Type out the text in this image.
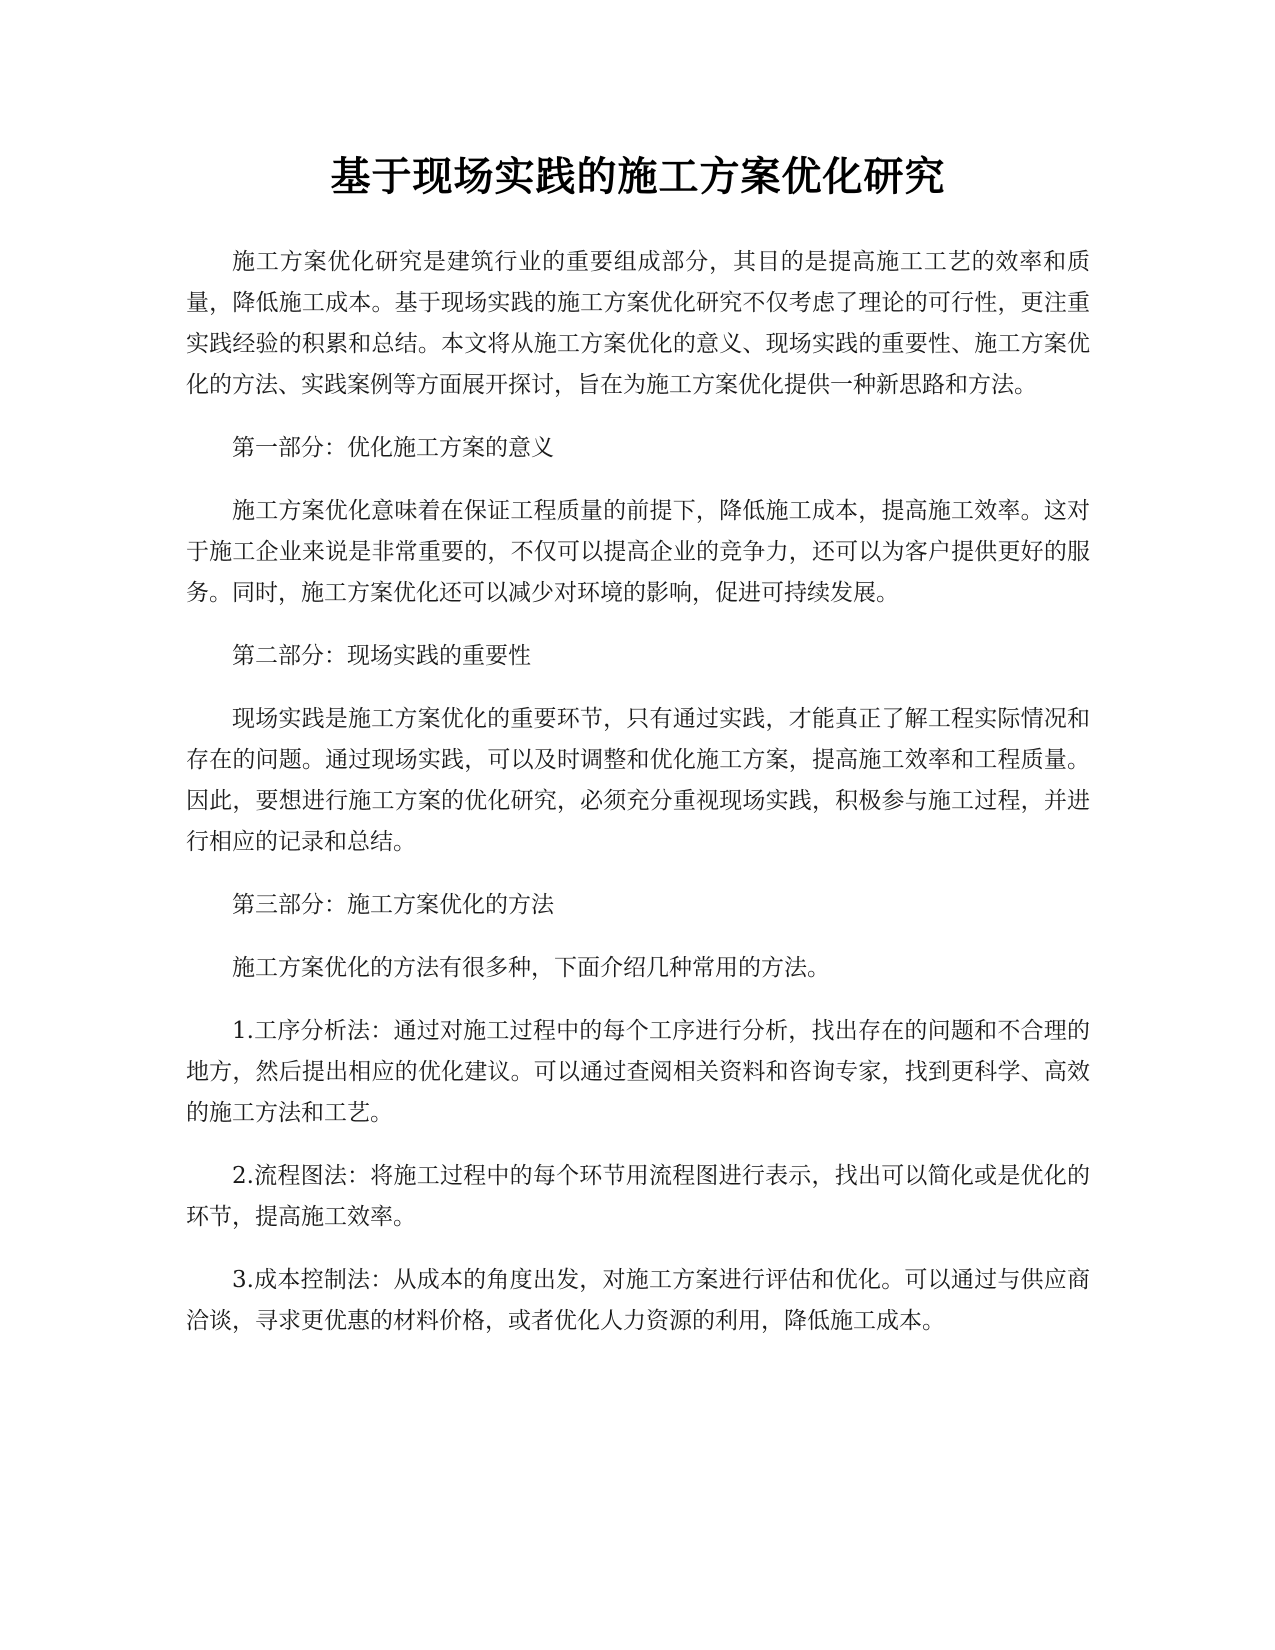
基于现场实践的施工方案优化研究

施工方案优化研究是建筑行业的重要组成部分，其目的是提高施工工艺的效率和质量，降低施工成本。基于现场实践的施工方案优化研究不仅考虑了理论的可行性，更注重实践经验的积累和总结。本文将从施工方案优化的意义、现场实践的重要性、施工方案优化的方法、实践案例等方面展开探讨，旨在为施工方案优化提供一种新思路和方法。

第一部分：优化施工方案的意义

施工方案优化意味着在保证工程质量的前提下，降低施工成本，提高施工效率。这对于施工企业来说是非常重要的，不仅可以提高企业的竞争力，还可以为客户提供更好的服务。同时，施工方案优化还可以减少对环境的影响，促进可持续发展。

第二部分：现场实践的重要性

现场实践是施工方案优化的重要环节，只有通过实践，才能真正了解工程实际情况和存在的问题。通过现场实践，可以及时调整和优化施工方案，提高施工效率和工程质量。因此，要想进行施工方案的优化研究，必须充分重视现场实践，积极参与施工过程，并进行相应的记录和总结。

第三部分：施工方案优化的方法

施工方案优化的方法有很多种，下面介绍几种常用的方法。

1.工序分析法：通过对施工过程中的每个工序进行分析，找出存在的问题和不合理的地方，然后提出相应的优化建议。可以通过查阅相关资料和咨询专家，找到更科学、高效的施工方法和工艺。

2.流程图法：将施工过程中的每个环节用流程图进行表示，找出可以简化或是优化的环节，提高施工效率。

3.成本控制法：从成本的角度出发，对施工方案进行评估和优化。可以通过与供应商洽谈，寻求更优惠的材料价格，或者优化人力资源的利用，降低施工成本。
